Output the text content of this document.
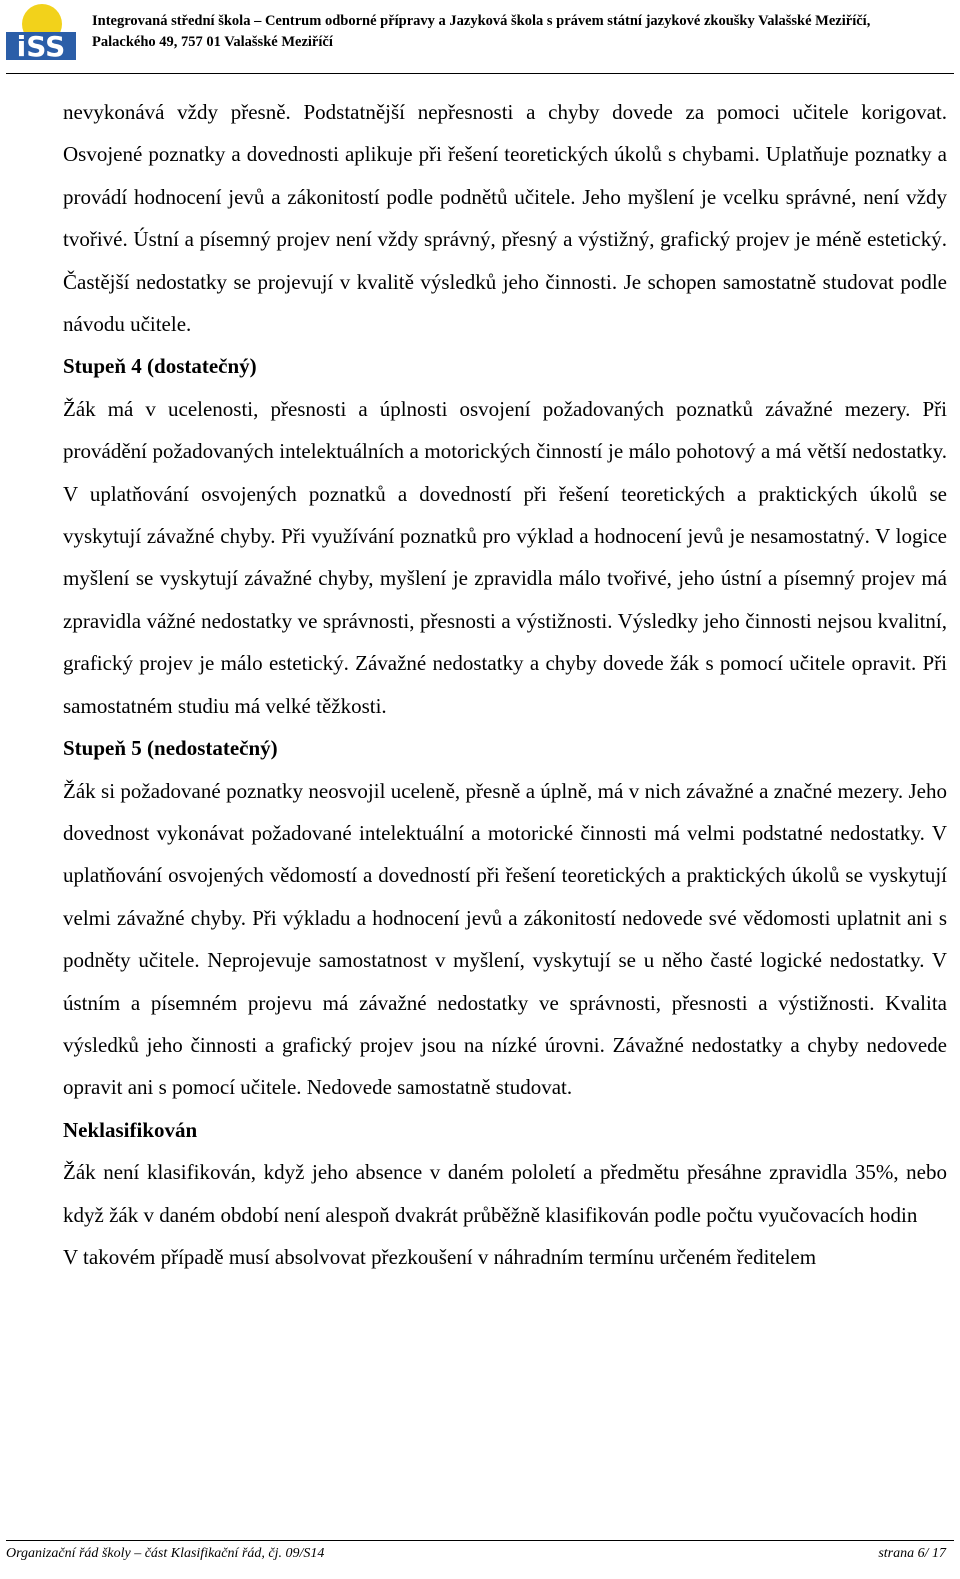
iSS
Integrovaná střední škola – Centrum odborné přípravy a Jazyková škola s právem státní jazykové zkoušky Valašské Meziříčí,
Palackého 49, 757 01 Valašské Meziříčí

nevykonává vždy přesně. Podstatnější nepřesnosti a chyby dovede za pomoci učitele korigovat. Osvojené poznatky a dovednosti aplikuje při řešení teoretických úkolů s chybami. Uplatňuje poznatky a provádí hodnocení jevů a zákonitostí podle podnětů učitele. Jeho myšlení je vcelku správné, není vždy tvořivé. Ústní a písemný projev není vždy správný, přesný a výstižný, grafický projev je méně estetický. Častější nedostatky se projevují v kvalitě výsledků jeho činnosti. Je schopen samostatně studovat podle návodu učitele.

Stupeň 4 (dostatečný)

Žák má v ucelenosti, přesnosti a úplnosti osvojení požadovaných poznatků závažné mezery. Při provádění požadovaných intelektuálních a motorických činností je málo pohotový a má větší nedostatky. V uplatňování osvojených poznatků a dovedností při řešení teoretických a praktických úkolů se vyskytují závažné chyby. Při využívání poznatků pro výklad a hodnocení jevů je nesamostatný. V logice myšlení se vyskytují závažné chyby, myšlení je zpravidla málo tvořivé, jeho ústní a písemný projev má zpravidla vážné nedostatky ve správnosti, přesnosti a výstižnosti. Výsledky jeho činnosti nejsou kvalitní, grafický projev je málo estetický. Závažné nedostatky a chyby dovede žák s pomocí učitele opravit. Při samostatném studiu má velké těžkosti.

Stupeň 5 (nedostatečný)

Žák si požadované poznatky neosvojil uceleně, přesně a úplně, má v nich závažné a značné mezery. Jeho dovednost vykonávat požadované intelektuální a motorické činnosti má velmi podstatné nedostatky. V uplatňování osvojených vědomostí a dovedností při řešení teoretických a praktických úkolů se vyskytují velmi závažné chyby. Při výkladu a hodnocení jevů a zákonitostí nedovede své vědomosti uplatnit ani s podněty učitele. Neprojevuje samostatnost v myšlení, vyskytují se u něho časté logické nedostatky. V ústním a písemném projevu má závažné nedostatky ve správnosti, přesnosti a výstižnosti. Kvalita výsledků jeho činnosti a grafický projev jsou na nízké úrovni. Závažné nedostatky a chyby nedovede opravit ani s pomocí učitele. Nedovede samostatně studovat.

Neklasifikován

Žák není klasifikován, když jeho absence v daném pololetí a předmětu přesáhne zpravidla 35%, nebo když žák v daném období není alespoň dvakrát průběžně klasifikován podle počtu vyučovacích hodin

V takovém případě musí absolvovat přezkoušení v náhradním termínu určeném ředitelem

Organizační řád školy – část Klasifikační řád, čj. 09/S14	strana 6/ 17
